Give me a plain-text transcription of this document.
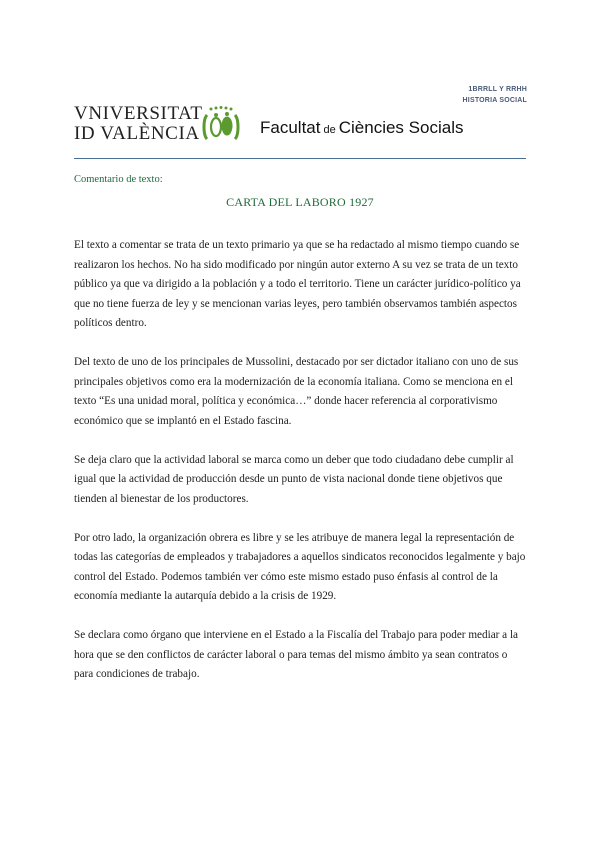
1BRRLL Y RRHH
HISTORIA SOCIAL
VNIVERSITAT
ID VALÈNCIA	Facultat de Ciències Socials
Comentario de texto:
CARTA DEL LABORO 1927

El texto a comentar se trata de un texto primario ya que se ha redactado al mismo tiempo cuando se realizaron los hechos. No ha sido modificado por ningún autor externo A su vez se trata de un texto público ya que va dirigido a la población y a todo el territorio. Tiene un carácter jurídico-político ya que no tiene fuerza de ley y se mencionan varias leyes, pero también observamos también aspectos políticos dentro.

Del texto de uno de los principales de Mussolini, destacado por ser dictador italiano con uno de sus principales objetivos como era la modernización de la economía italiana. Como se menciona en el texto “Es una unidad moral, política y económica…” donde hacer referencia al corporativismo económico que se implantó en el Estado fascina.

Se deja claro que la actividad laboral se marca como un deber que todo ciudadano debe cumplir al igual que la actividad de producción desde un punto de vista nacional donde tiene objetivos que tienden al bienestar de los productores.

Por otro lado, la organización obrera es libre y se les atribuye de manera legal la representación de todas las categorías de empleados y trabajadores a aquellos sindicatos reconocidos legalmente y bajo control del Estado. Podemos también ver cómo este mismo estado puso énfasis al control de la economía mediante la autarquía debido a la crisis de 1929.

Se declara como órgano que interviene en el Estado a la Fiscalía del Trabajo para poder mediar a la hora que se den conflictos de carácter laboral o para temas del mismo ámbito ya sean contratos o para condiciones de trabajo.
